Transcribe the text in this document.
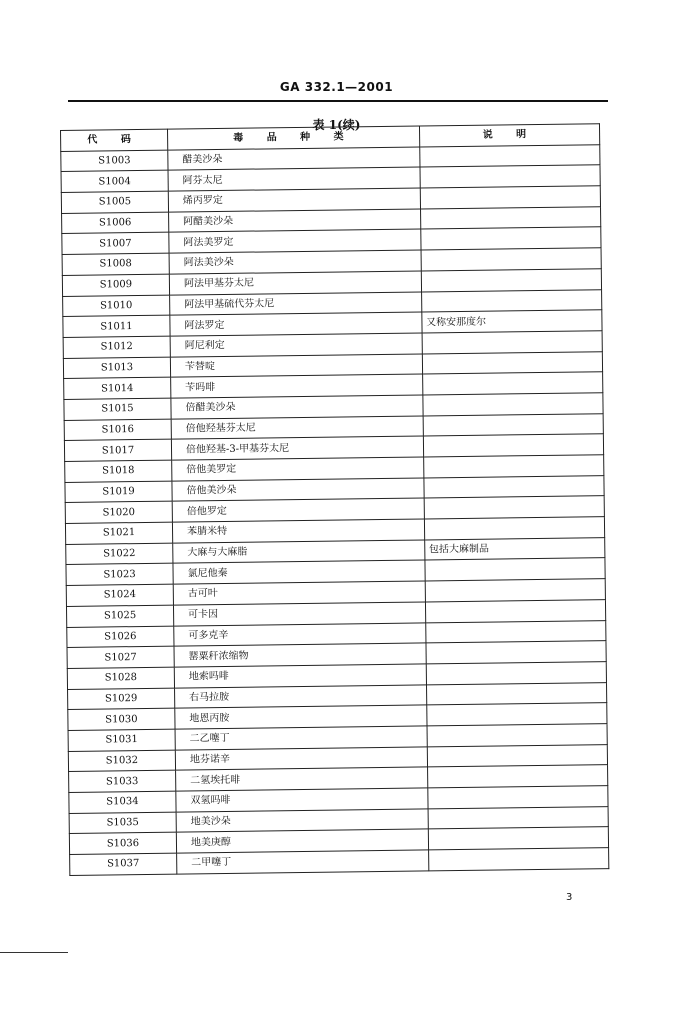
GA 332.1—2001
表 1(续)
代 码	毒 品 种 类	说 明
S1003	醋美沙朵	
S1004	阿芬太尼	
S1005	烯丙罗定	
S1006	阿醋美沙朵	
S1007	阿法美罗定	
S1008	阿法美沙朵	
S1009	阿法甲基芬太尼	
S1010	阿法甲基硫代芬太尼	
S1011	阿法罗定	又称安那度尔
S1012	阿尼利定	
S1013	苄替啶	
S1014	苄吗啡	
S1015	倍醋美沙朵	
S1016	倍他羟基芬太尼	
S1017	倍他羟基-3-甲基芬太尼	
S1018	倍他美罗定	
S1019	倍他美沙朵	
S1020	倍他罗定	
S1021	苯腈米特	
S1022	大麻与大麻脂	包括大麻制品
S1023	氯尼他秦	
S1024	古可叶	
S1025	可卡因	
S1026	可多克辛	
S1027	罂粟秆浓缩物	
S1028	地索吗啡	
S1029	右马拉胺	
S1030	地恩丙胺	
S1031	二乙噻丁	
S1032	地芬诺辛	
S1033	二氢埃托啡	
S1034	双氢吗啡	
S1035	地美沙朵	
S1036	地美庚醇	
S1037	二甲噻丁	
3
